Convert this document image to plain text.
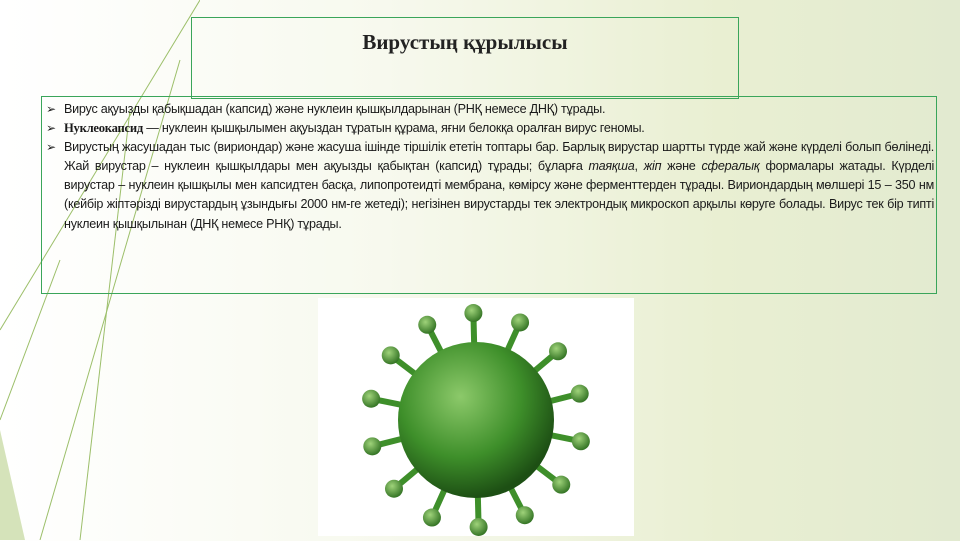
Вирустың құрылысы
➢ Вирус ақуызды қабықшадан (капсид) және нуклеин қышқылдарынан (РНҚ немесе ДНҚ) тұрады.
➢ Нуклеокапсид — нуклеин қышқылымен ақуыздан тұратын құрама, яғни белокқа оралған вирус геномы.
➢ Вирустың жасушадан тыс (вириондар) және жасуша ішінде тіршілік ететін топтары бар. Барлық вирустар шартты түрде жай және күрделі болып бөлінеді. Жай вирустар – нуклеин қышқылдары мен ақуызды қабықтан (капсид) тұрады; бұларға таяқша, жіп және сфералық формалары жатады. Күрделі вирустар – нуклеин қышқылы мен капсидтен басқа, липопротеидті мембрана, көмірсу және ферменттерден тұрады. Вириондардың мөлшері 15 – 350 нм (кейбір жіптәрізді вирустардың ұзындығы 2000 нм-ге жетеді); негізінен вирустарды тек электрондық микроскоп арқылы көруге болады. Вирус тек бір типті нуклеин қышқылынан (ДНҚ немесе РНҚ) тұрады.
